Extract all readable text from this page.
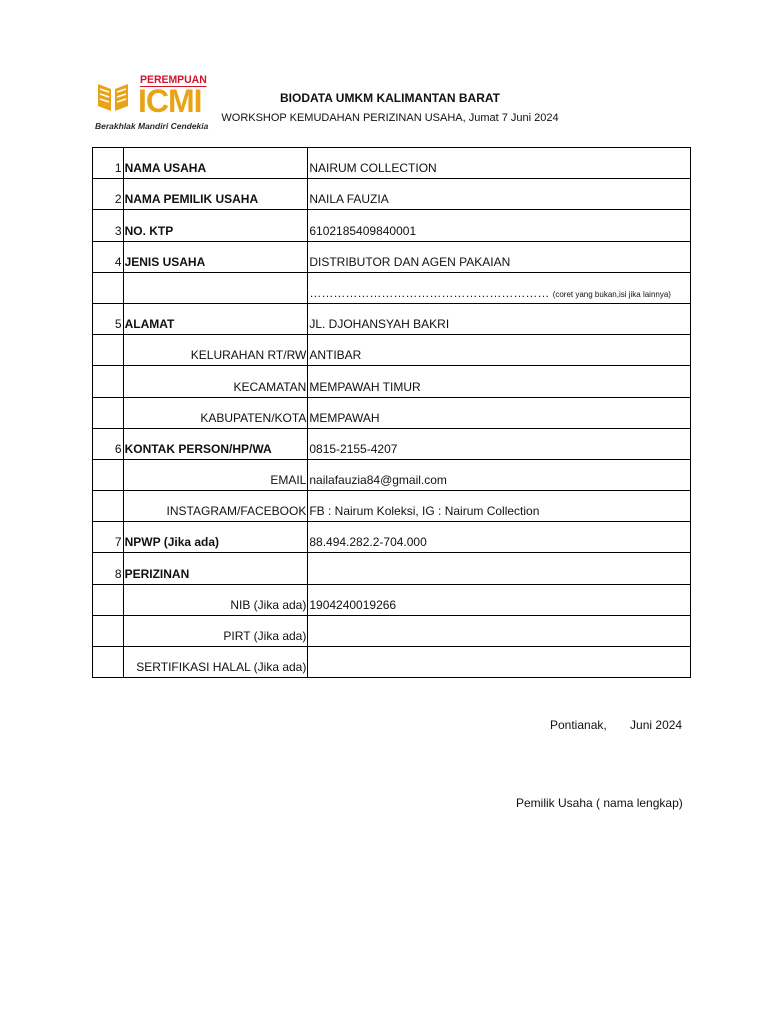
PEREMPUAN
ICMI
Berakhlak Mandiri Cendekia
BIODATA UMKM KALIMANTAN BARAT
WORKSHOP KEMUDAHAN PERIZINAN USAHA, Jumat 7 Juni 2024
1	NAMA USAHA	NAIRUM COLLECTION
2	NAMA PEMILIK USAHA	NAILA FAUZIA
3	NO. KTP	6102185409840001
4	JENIS USAHA	DISTRIBUTOR DAN AGEN PAKAIAN
		…………………………………………………… (coret yang bukan,isi jika lainnya)
5	ALAMAT	JL. DJOHANSYAH BAKRI
	KELURAHAN RT/RW	ANTIBAR
	KECAMATAN	MEMPAWAH TIMUR
	KABUPATEN/KOTA	MEMPAWAH
6	KONTAK PERSON/HP/WA	0815-2155-4207
	EMAIL	nailafauzia84@gmail.com
	INSTAGRAM/FACEBOOK	FB : Nairum Koleksi, IG : Nairum Collection
7	NPWP (Jika ada)	88.494.282.2-704.000
8	PERIZINAN	
	NIB (Jika ada)	1904240019266
	PIRT (Jika ada)	
	SERTIFIKASI HALAL (Jika ada)	
Pontianak,       Juni 2024
Pemilik Usaha ( nama lengkap)
